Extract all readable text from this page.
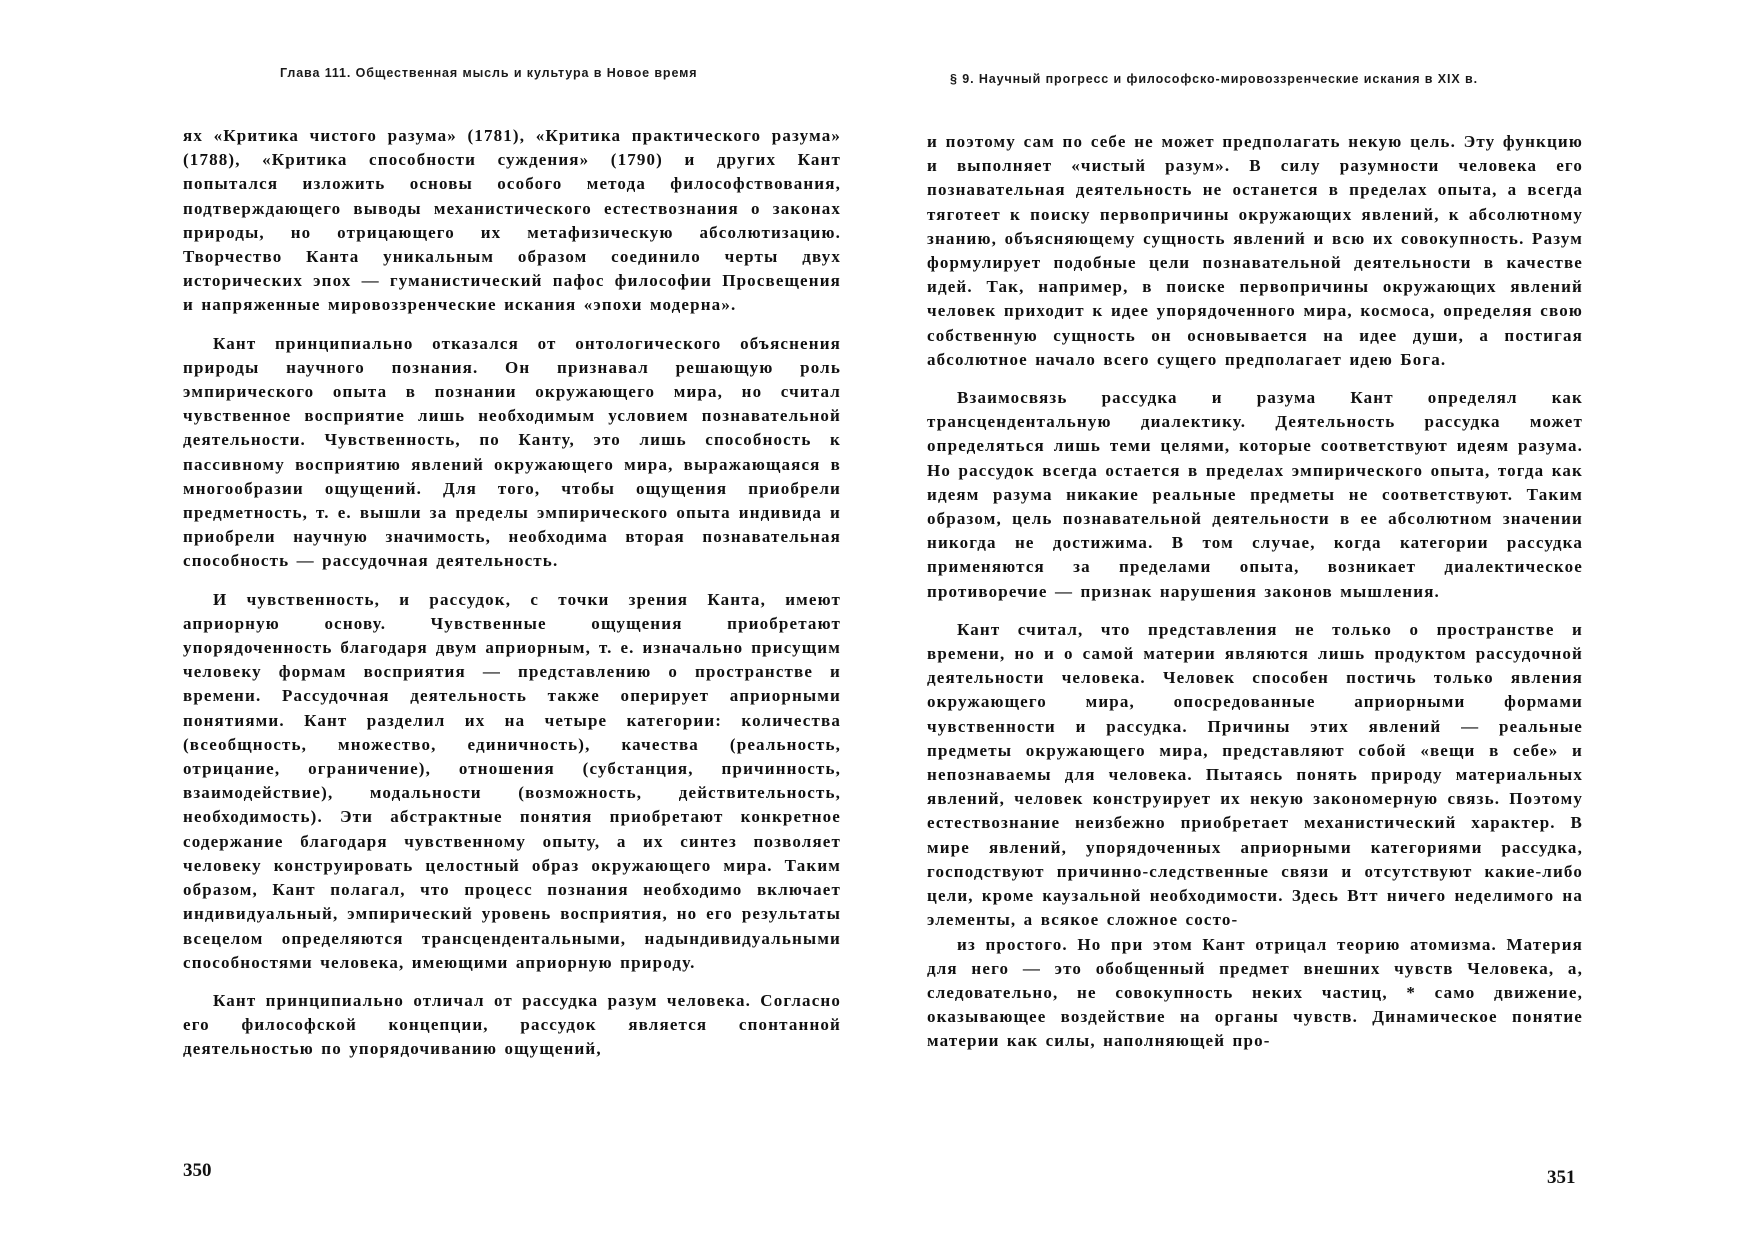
Глава 111. Общественная мысль и культура в Новое время

ях «Критика чистого разума» (1781), «Критика практического разума» (1788), «Критика способности суждения» (1790) и других Кант попытался изложить основы особого метода философствования, подтверждающего выводы механистического естествознания о законах природы, но отрицающего их метафизическую абсолютизацию. Творчество Канта уникальным образом соединило черты двух исторических эпох — гуманистический пафос философии Просвещения и напряженные мировоззренческие искания «эпохи модерна».

Кант принципиально отказался от онтологического объяснения природы научного познания. Он признавал решающую роль эмпирического опыта в познании окружающего мира, но считал чувственное восприятие лишь необходимым условием познавательной деятельности. Чувственность, по Канту, это лишь способность к пассивному восприятию явлений окружающего мира, выражающаяся в многообразии ощущений. Для того, чтобы ощущения приобрели предметность, т. е. вышли за пределы эмпирического опыта индивида и приобрели научную значимость, необходима вторая познавательная способность — рассудочная деятельность.

И чувственность, и рассудок, с точки зрения Канта, имеют априорную основу. Чувственные ощущения приобретают упорядоченность благодаря двум априорным, т. е. изначально присущим человеку формам восприятия — представлению о пространстве и времени. Рассудочная деятельность также оперирует априорными понятиями. Кант разделил их на четыре категории: количества (всеобщность, множество, единичность), качества (реальность, отрицание, ограничение), отношения (субстанция, причинность, взаимодействие), модальности (возможность, действительность, необходимость). Эти абстрактные понятия приобретают конкретное содержание благодаря чувственному опыту, а их синтез позволяет человеку конструировать целостный образ окружающего мира. Таким образом, Кант полагал, что процесс познания необходимо включает индивидуальный, эмпирический уровень восприятия, но его результаты всецелом определяются трансцендентальными, надындивидуальными способностями человека, имеющими априорную природу.

Кант принципиально отличал от рассудка разум человека. Согласно его философской концепции, рассудок является спонтанной деятельностью по упорядочиванию ощущений,

350
§ 9. Научный прогресс и философско-мировоззренческие искания в XIX в.

и поэтому сам по себе не может предполагать некую цель. Эту функцию и выполняет «чистый разум». В силу разумности человека его познавательная деятельность не останется в пределах опыта, а всегда тяготеет к поиску первопричины окружающих явлений, к абсолютному знанию, объясняющему сущность явлений и всю их совокупность. Разум формулирует подобные цели познавательной деятельности в качестве идей. Так, например, в поиске первопричины окружающих явлений человек приходит к идее упорядоченного мира, космоса, определяя свою собственную сущность он основывается на идее души, а постигая абсолютное начало всего сущего предполагает идею Бога.

Взаимосвязь рассудка и разума Кант определял как трансцендентальную диалектику. Деятельность рассудка может определяться лишь теми целями, которые соответствуют идеям разума. Но рассудок всегда остается в пределах эмпирического опыта, тогда как идеям разума никакие реальные предметы не соответствуют. Таким образом, цель познавательной деятельности в ее абсолютном значении никогда не достижима. В том случае, когда категории рассудка применяются за пределами опыта, возникает диалектическое противоречие — признак нарушения законов мышления.

Кант считал, что представления не только о пространстве и времени, но и о самой материи являются лишь продуктом рассудочной деятельности человека. Человек способен постичь только явления окружающего мира, опосредованные априорными формами чувственности и рассудка. Причины этих явлений — реальные предметы окружающего мира, представляют собой «вещи в себе» и непознаваемы для человека. Пытаясь понять природу материальных явлений, человек конструирует их некую закономерную связь. Поэтому естествознание неизбежно приобретает механистический характер. В мире явлений, упорядоченных априорными категориями рассудка, господствуют причинно-следственные связи и отсутствуют какие-либо цели, кроме каузальной необходимости. Здесь Втт ничего неделимого на элементы, а всякое сложное состо-

из простого. Но при этом Кант отрицал теорию атомизма. Материя для него — это обобщенный предмет внешних чувств Человека, а, следовательно, не совокупность неких частиц, * само движение, оказывающее воздействие на органы чувств. Динамическое понятие материи как силы, наполняющей про-

351
